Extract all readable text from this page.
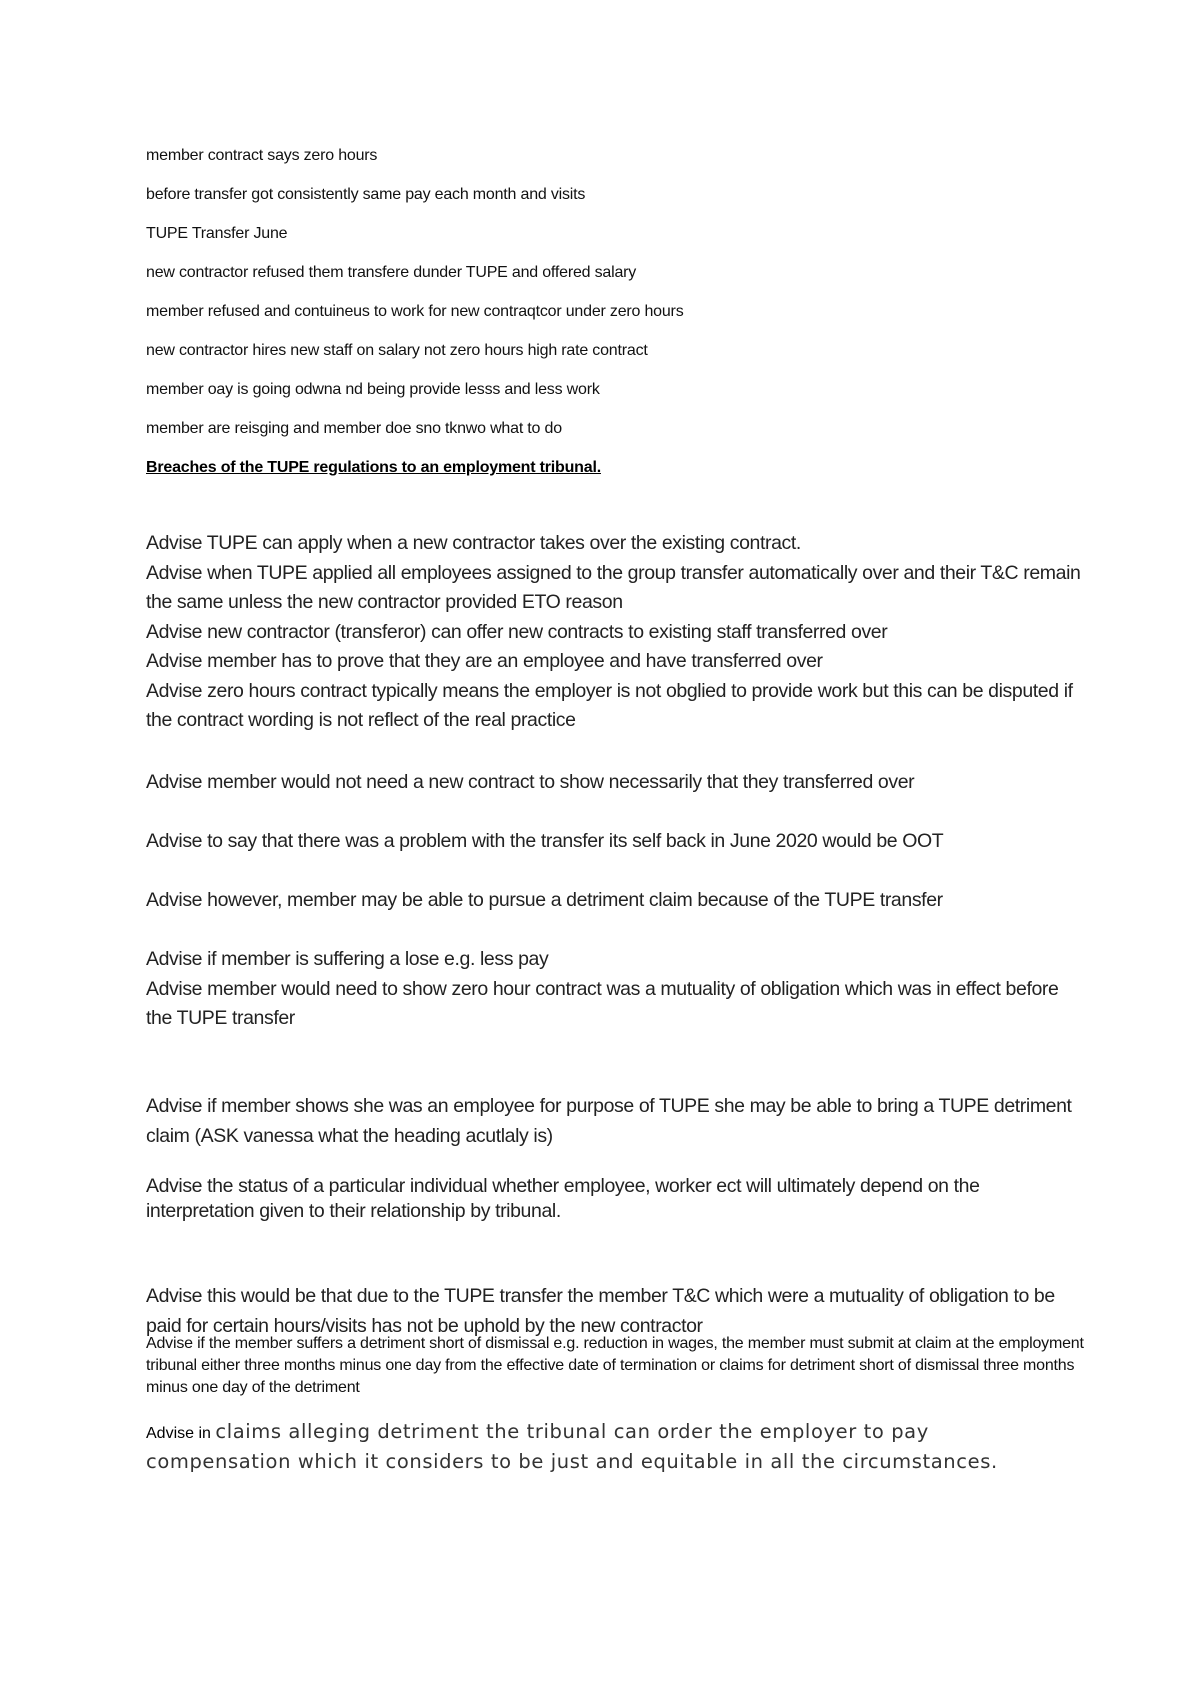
member contract says zero hours
before transfer got consistently same pay each month and visits
TUPE Transfer June
new contractor refused them transfere dunder TUPE and offered salary
member refused and contuineus to work for new contraqtcor under zero hours
new contractor hires new staff on salary not zero hours high rate contract
member oay is going odwna nd being provide lesss and less work
member are reisging and member doe sno tknwo what to do
Breaches of the TUPE regulations to an employment tribunal.
Advise TUPE can apply when a new contractor takes over the existing contract.
Advise when TUPE applied all employees assigned to the group transfer automatically over and their T&C remain the same unless the new contractor provided ETO reason
Advise new contractor (transferor) can offer new contracts to existing staff transferred over
Advise member has to prove that they are an employee and have transferred over
Advise zero hours contract typically means the employer is not obglied to provide work but this can be disputed if the contract wording is not reflect of the real practice
Advise member would not need a new contract to show necessarily that they transferred over
Advise to say that there was a problem with the transfer its self back in June 2020 would be OOT
Advise however, member may be able to pursue a detriment claim because of the TUPE transfer
Advise if member is suffering a lose e.g. less pay
Advise member would need to show zero hour contract was a mutuality of obligation which was in effect before the TUPE transfer
Advise if member shows she was an employee for purpose of TUPE she may be able to bring a TUPE detriment claim (ASK vanessa what the heading acutlaly is)
Advise the status of a particular individual whether employee, worker ect will ultimately depend on the interpretation given to their relationship by tribunal.
Advise this would be that due to the TUPE transfer the member T&C which were a mutuality of obligation to be paid for certain hours/visits has not be uphold by the new contractor
Advise if the member suffers a detriment short of dismissal e.g. reduction in wages, the member must submit at claim at the employment tribunal either three months minus one day from the effective date of termination or claims for detriment short of dismissal three months minus one day of the detriment
Advise in claims alleging detriment the tribunal can order the employer to pay compensation which it considers to be just and equitable in all the circumstances.
